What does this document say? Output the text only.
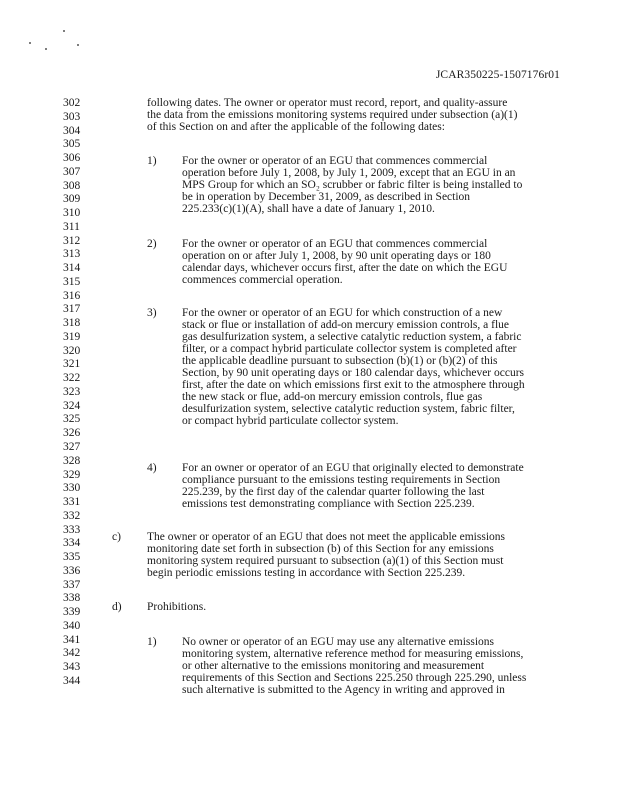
JCAR350225-1507176r01
302
303
304
305
306
307
308
309
310
311
312
313
314
315
316
317
318
319
320
321
322
323
324
325
326
327
328
329
330
331
332
333
334
335
336
337
338
339
340
341
342
343
344
following dates. The owner or operator must record, report, and quality-assure
the data from the emissions monitoring systems required under subsection (a)(1)
of this Section on and after the applicable of the following dates:
1) For the owner or operator of an EGU that commences commercial
operation before July 1, 2008, by July 1, 2009, except that an EGU in an
MPS Group for which an SO₂ scrubber or fabric filter is being installed to
be in operation by December 31, 2009, as described in Section
225.233(c)(1)(A), shall have a date of January 1, 2010.
2) For the owner or operator of an EGU that commences commercial
operation on or after July 1, 2008, by 90 unit operating days or 180
calendar days, whichever occurs first, after the date on which the EGU
commences commercial operation.
3) For the owner or operator of an EGU for which construction of a new
stack or flue or installation of add-on mercury emission controls, a flue
gas desulfurization system, a selective catalytic reduction system, a fabric
filter, or a compact hybrid particulate collector system is completed after
the applicable deadline pursuant to subsection (b)(1) or (b)(2) of this
Section, by 90 unit operating days or 180 calendar days, whichever occurs
first, after the date on which emissions first exit to the atmosphere through
the new stack or flue, add-on mercury emission controls, flue gas
desulfurization system, selective catalytic reduction system, fabric filter,
or compact hybrid particulate collector system.
4) For an owner or operator of an EGU that originally elected to demonstrate
compliance pursuant to the emissions testing requirements in Section
225.239, by the first day of the calendar quarter following the last
emissions test demonstrating compliance with Section 225.239.
c) The owner or operator of an EGU that does not meet the applicable emissions
monitoring date set forth in subsection (b) of this Section for any emissions
monitoring system required pursuant to subsection (a)(1) of this Section must
begin periodic emissions testing in accordance with Section 225.239.
d) Prohibitions.
1) No owner or operator of an EGU may use any alternative emissions
monitoring system, alternative reference method for measuring emissions,
or other alternative to the emissions monitoring and measurement
requirements of this Section and Sections 225.250 through 225.290, unless
such alternative is submitted to the Agency in writing and approved in
